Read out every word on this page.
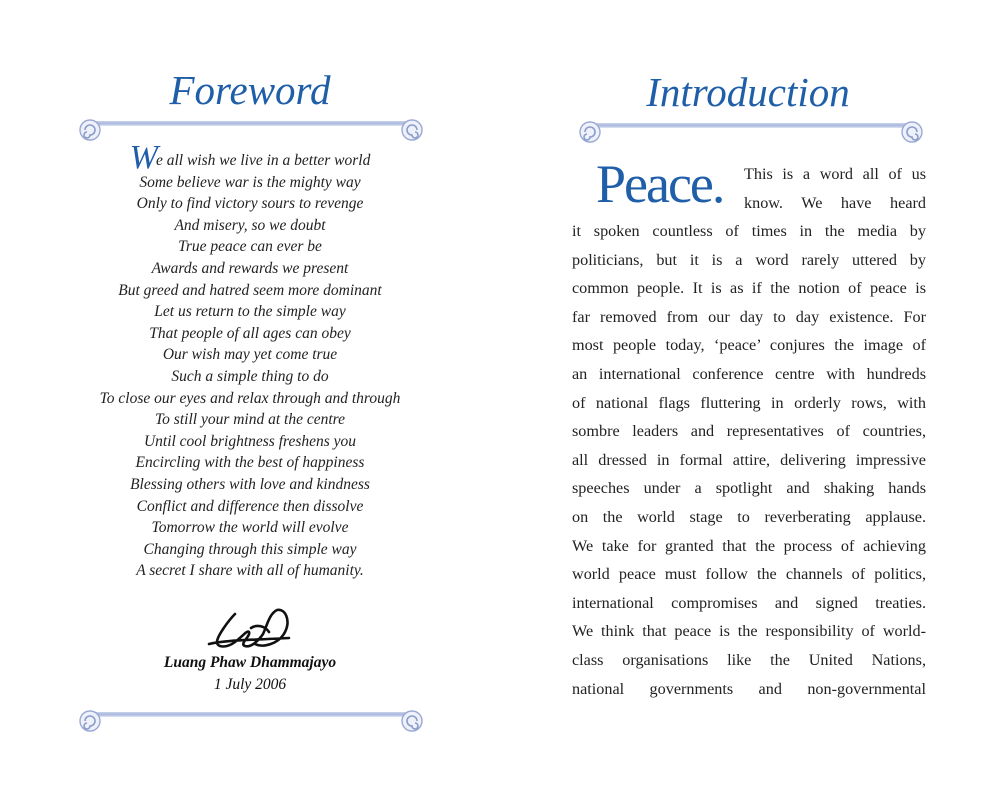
Foreword
We all wish we live in a better world
Some believe war is the mighty way
Only to find victory sours to revenge
And misery, so we doubt
True peace can ever be
Awards and rewards we present
But greed and hatred seem more dominant
Let us return to the simple way
That people of all ages can obey
Our wish may yet come true
Such a simple thing to do
To close our eyes and relax through and through
To still your mind at the centre
Until cool brightness freshens you
Encircling with the best of happiness
Blessing others with love and kindness
Conflict and difference then dissolve
Tomorrow the world will evolve
Changing through this simple way
A secret I share with all of humanity.
Luang Phaw Dhammajayo
1 July 2006
Introduction
Peace. This is a word all of us
know. We have heard
it spoken countless of times in the media by
politicians, but it is a word rarely uttered by
common people. It is as if the notion of peace is
far removed from our day to day existence. For
most people today, ‘peace’ conjures the image of
an international conference centre with hundreds
of national flags fluttering in orderly rows, with
sombre leaders and representatives of countries,
all dressed in formal attire, delivering impressive
speeches under a spotlight and shaking hands
on the world stage to reverberating applause.
We take for granted that the process of achieving
world peace must follow the channels of politics,
international compromises and signed treaties.
We think that peace is the responsibility of world-
class organisations like the United Nations,
national governments and non-governmental
